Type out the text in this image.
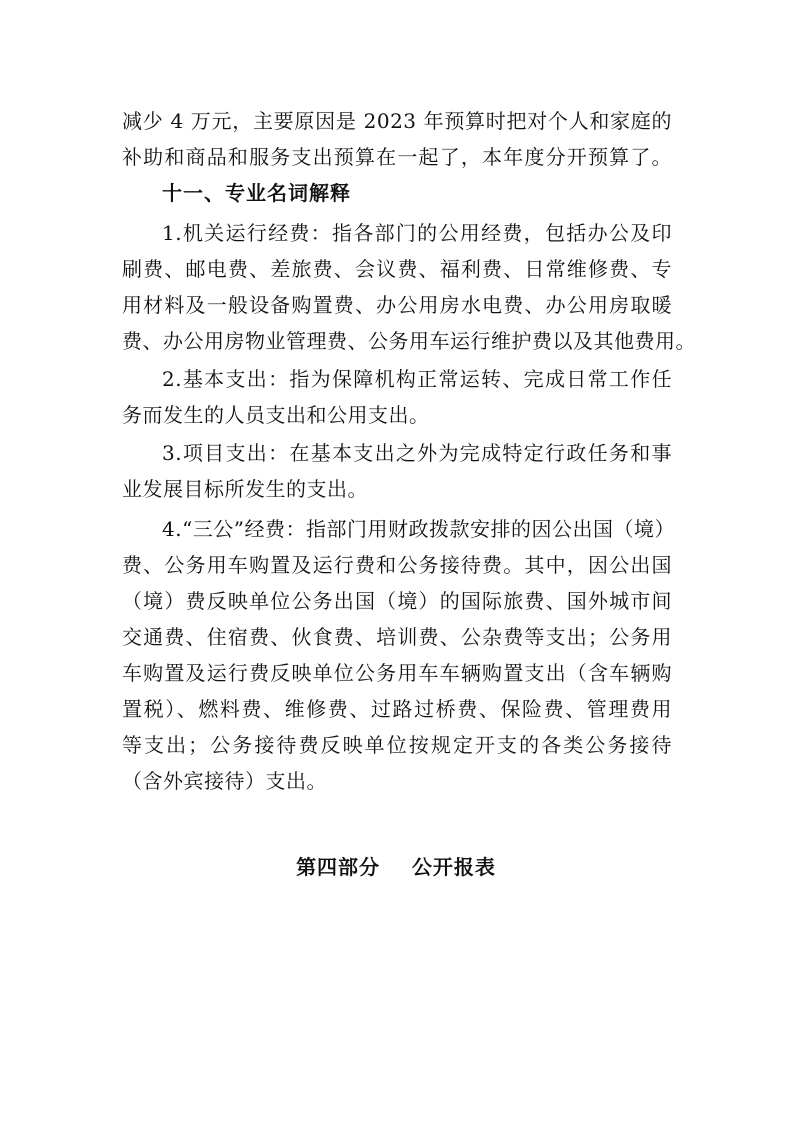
减少 4 万元，主要原因是 2023 年预算时把对个人和家庭的
补助和商品和服务支出预算在一起了，本年度分开预算了。
十一、专业名词解释
1.机关运行经费：指各部门的公用经费，包括办公及印
刷费、邮电费、差旅费、会议费、福利费、日常维修费、专
用材料及一般设备购置费、办公用房水电费、办公用房取暖
费、办公用房物业管理费、公务用车运行维护费以及其他费用。
2.基本支出：指为保障机构正常运转、完成日常工作任
务而发生的人员支出和公用支出。
3.项目支出：在基本支出之外为完成特定行政任务和事
业发展目标所发生的支出。
4.“三公”经费：指部门用财政拨款安排的因公出国（境）
费、公务用车购置及运行费和公务接待费。其中，因公出国
（境）费反映单位公务出国（境）的国际旅费、国外城市间
交通费、住宿费、伙食费、培训费、公杂费等支出；公务用
车购置及运行费反映单位公务用车车辆购置支出（含车辆购
置税）、燃料费、维修费、过路过桥费、保险费、管理费用
等支出；公务接待费反映单位按规定开支的各类公务接待
（含外宾接待）支出。
第四部分    公开报表
